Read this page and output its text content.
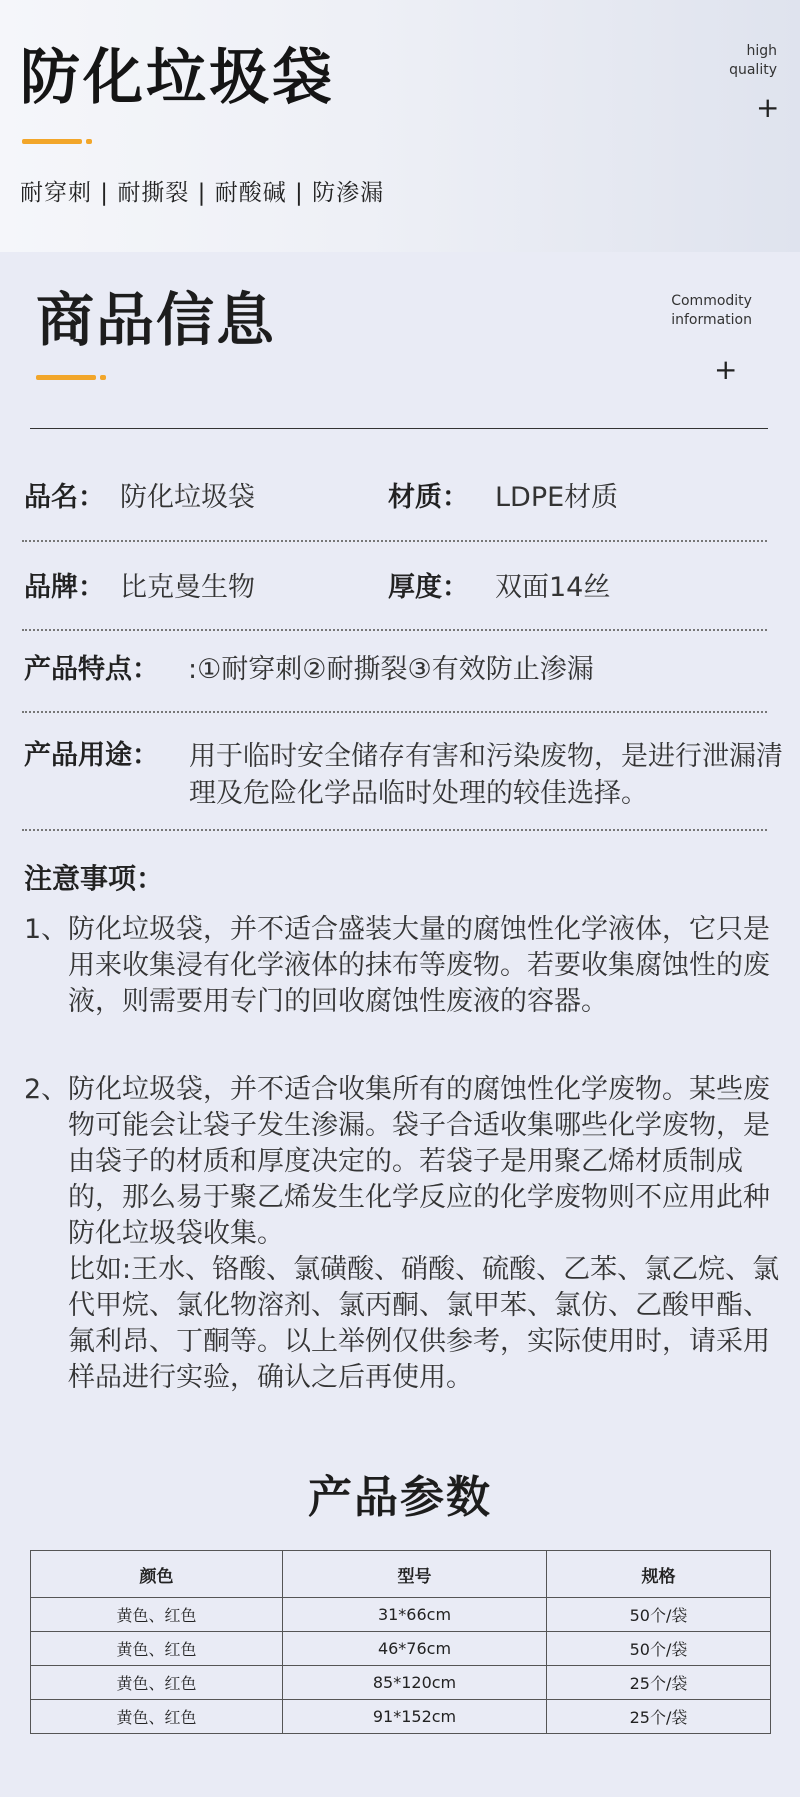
防化垃圾袋	high
quality
+

耐穿刺 | 耐撕裂 | 耐酸碱 | 防渗漏

商品信息	Commodity
information
+
品名： 防化垃圾袋	材质： LDPE材质
品牌： 比克曼生物	厚度： 双面14丝
产品特点： :①耐穿刺②耐撕裂③有效防止渗漏
产品用途： 用于临时安全储存有害和污染废物，是进行泄漏清理及危险化学品临时处理的较佳选择。

注意事项：
1、 防化垃圾袋，并不适合盛装大量的腐蚀性化学液体，它只是用来收集浸有化学液体的抹布等废物。若要收集腐蚀性的废液，则需要用专门的回收腐蚀性废液的容器。
2、 防化垃圾袋，并不适合收集所有的腐蚀性化学废物。某些废物可能会让袋子发生渗漏。袋子合适收集哪些化学废物，是由袋子的材质和厚度决定的。若袋子是用聚乙烯材质制成的，那么易于聚乙烯发生化学反应的化学废物则不应用此种防化垃圾袋收集。
比如:王水、铬酸、氯磺酸、硝酸、硫酸、乙苯、氯乙烷、氯代甲烷、氯化物溶剂、氯丙酮、氯甲苯、氯仿、乙酸甲酯、氟利昂、丁酮等。以上举例仅供参考，实际使用时，请采用样品进行实验，确认之后再使用。
产品参数
颜色	型号	规格
黄色、红色	31*66cm	50个/袋
黄色、红色	46*76cm	50个/袋
黄色、红色	85*120cm	25个/袋
黄色、红色	91*152cm	25个/袋
